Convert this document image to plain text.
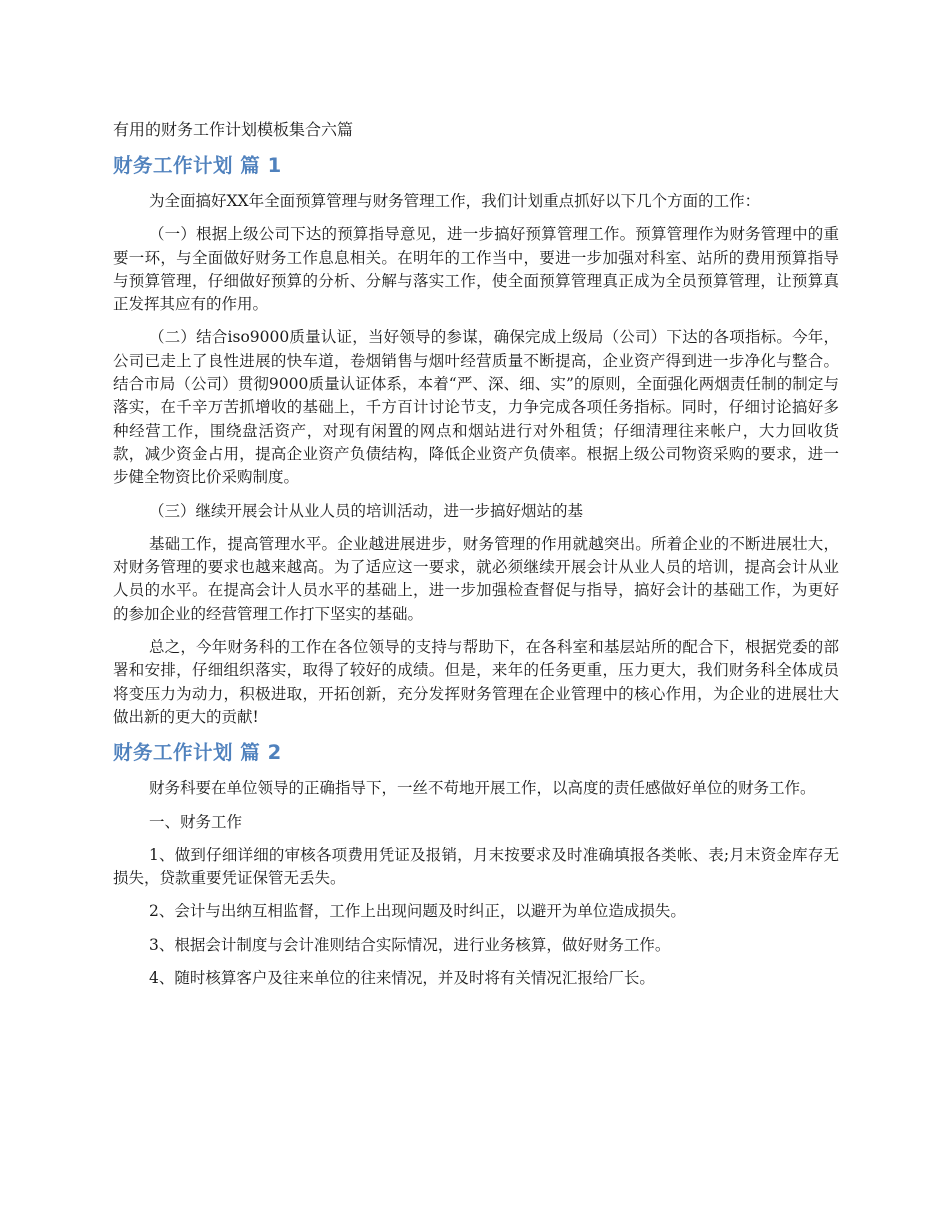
有用的财务工作计划模板集合六篇
财务工作计划 篇 1

为全面搞好XX年全面预算管理与财务管理工作，我们计划重点抓好以下几个方面的工作：

（一）根据上级公司下达的预算指导意见，进一步搞好预算管理工作。预算管理作为财务管理中的重要一环，与全面做好财务工作息息相关。在明年的工作当中，要进一步加强对科室、站所的费用预算指导与预算管理，仔细做好预算的分析、分解与落实工作，使全面预算管理真正成为全员预算管理，让预算真正发挥其应有的作用。

（二）结合iso9000质量认证，当好领导的参谋，确保完成上级局（公司）下达的各项指标。今年，公司已走上了良性进展的快车道，卷烟销售与烟叶经营质量不断提高，企业资产得到进一步净化与整合。结合市局（公司）贯彻9000质量认证体系，本着“严、深、细、实”的原则，全面强化两烟责任制的制定与落实，在千辛万苦抓增收的基础上，千方百计讨论节支，力争完成各项任务指标。同时，仔细讨论搞好多种经营工作，围绕盘活资产，对现有闲置的网点和烟站进行对外租赁；仔细清理往来帐户，大力回收货款，减少资金占用，提高企业资产负债结构，降低企业资产负债率。根据上级公司物资采购的要求，进一步健全物资比价采购制度。

（三）继续开展会计从业人员的培训活动，进一步搞好烟站的基

基础工作，提高管理水平。企业越进展进步，财务管理的作用就越突出。所着企业的不断进展壮大，对财务管理的要求也越来越高。为了适应这一要求，就必须继续开展会计从业人员的培训，提高会计从业人员的水平。在提高会计人员水平的基础上，进一步加强检查督促与指导，搞好会计的基础工作，为更好的参加企业的经营管理工作打下坚实的基础。

总之，今年财务科的工作在各位领导的支持与帮助下，在各科室和基层站所的配合下，根据党委的部署和安排，仔细组织落实，取得了较好的成绩。但是，来年的任务更重，压力更大，我们财务科全体成员将变压力为动力，积极进取，开拓创新，充分发挥财务管理在企业管理中的核心作用，为企业的进展壮大做出新的更大的贡献!

财务工作计划 篇 2

财务科要在单位领导的正确指导下，一丝不苟地开展工作，以高度的责任感做好单位的财务工作。

一、财务工作

1、做到仔细详细的审核各项费用凭证及报销，月末按要求及时准确填报各类帐、表;月末资金库存无损失，贷款重要凭证保管无丢失。

2、会计与出纳互相监督，工作上出现问题及时纠正，以避开为单位造成损失。

3、根据会计制度与会计准则结合实际情况，进行业务核算，做好财务工作。

4、随时核算客户及往来单位的往来情况，并及时将有关情况汇报给厂长。
